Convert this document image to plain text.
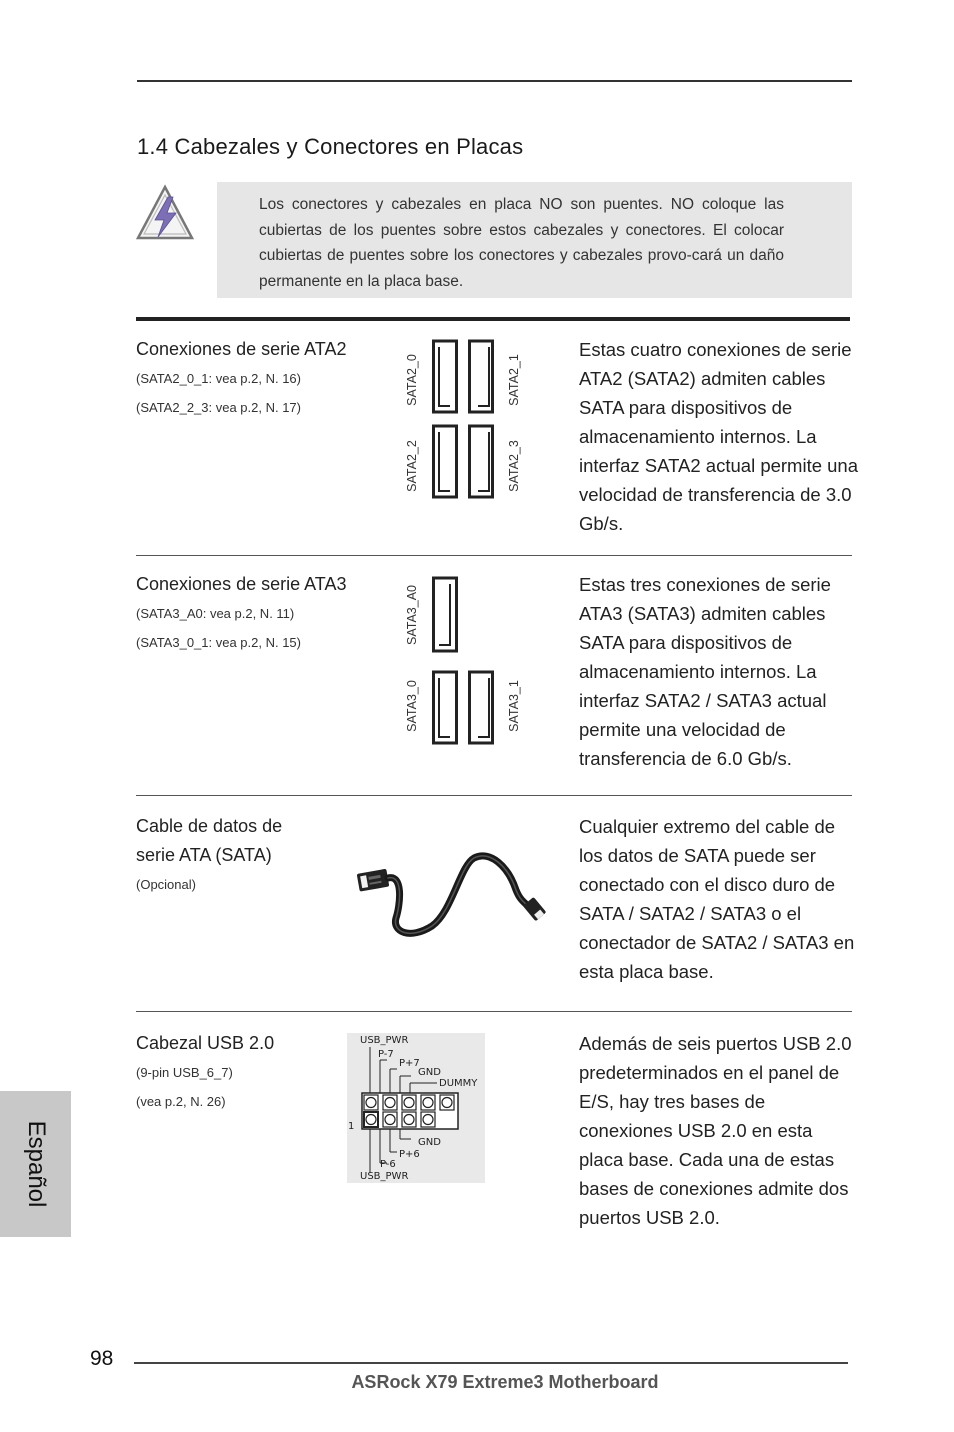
1.4 Cabezales y Conectores en Placas

Los conectores y cabezales en placa NO son puentes. NO coloque las cubiertas de los puentes sobre estos cabezales y conectores. El colocar cubiertas de puentes sobre los conectores y cabezales provo-cará un daño permanente en la placa base.

Conexiones de serie ATA2
(SATA2_0_1: vea p.2, N. 16)
(SATA2_2_3: vea p.2, N. 17)
SATA2_0	SATA2_1
SATA2_2	SATA2_3

Estas cuatro conexiones de serie ATA2 (SATA2) admiten cables SATA para dispositivos de almacenamiento internos. La interfaz SATA2 actual permite una velocidad de transferencia de 3.0 Gb/s.

Conexiones de serie ATA3
(SATA3_A0: vea p.2, N. 11)
(SATA3_0_1: vea p.2, N. 15)	SATA3_A0
SATA3_0	SATA3_1

Estas tres conexiones de serie ATA3 (SATA3) admiten cables SATA para dispositivos de almacenamiento internos. La interfaz SATA2 / SATA3 actual permite una velocidad de transferencia de 6.0 Gb/s.

Cable de datos de
serie ATA (SATA)
(Opcional)

Cualquier extremo del cable de los datos de SATA puede ser conectado con el disco duro de SATA / SATA2 / SATA3 o el conectador de SATA2 / SATA3 en esta placa base.

Cabezal USB 2.0
(9-pin USB_6_7)
(vea p.2, N. 26)
USB_PWR
P-7
P+7
GND
DUMMY
1
GND
P+6
P-6
USB_PWR

Además de seis puertos USB 2.0 predeterminados en el panel de E/S, hay tres bases de conexiones USB 2.0 en esta placa base. Cada una de estas bases de conexiones admite dos puertos USB 2.0.

Español
98
ASRock X79 Extreme3 Motherboard
